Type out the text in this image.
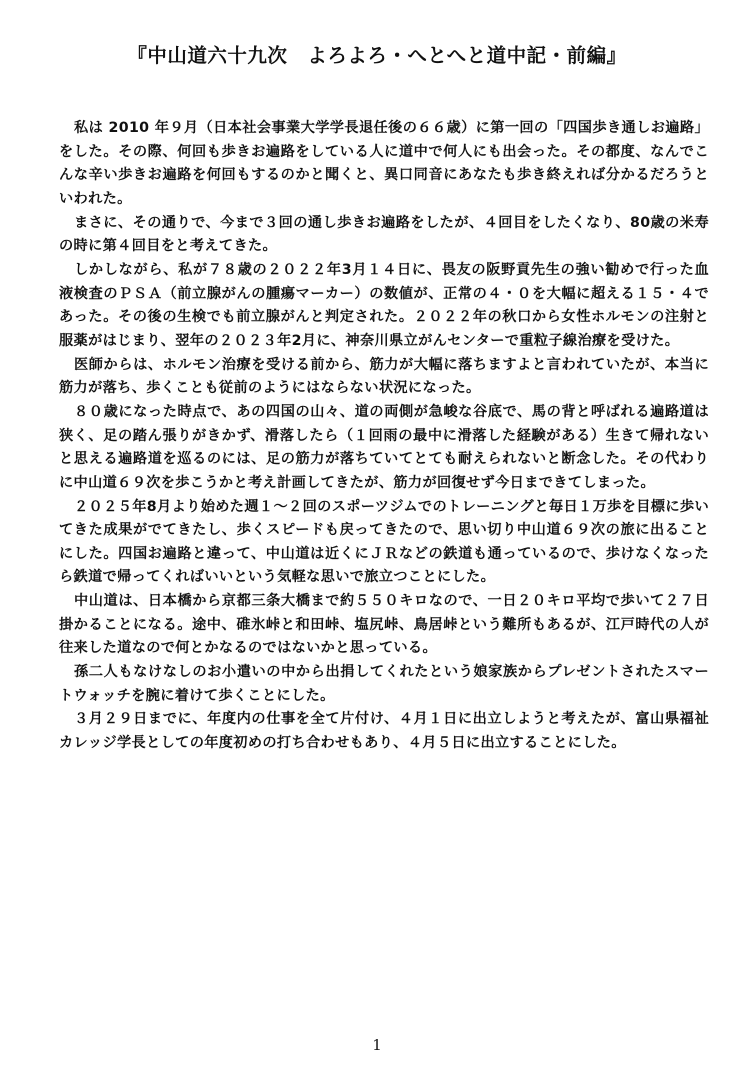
『中山道六十九次　よろよろ・へとへと道中記・前編』

私は 2010 年９月（日本社会事業大学学長退任後の６６歳）に第一回の「四国歩き通しお遍路」をした。その際、何回も歩きお遍路をしている人に道中で何人にも出会った。その都度、なんでこんな辛い歩きお遍路を何回もするのかと聞くと、異口同音にあなたも歩き終えれば分かるだろうといわれた。

まさに、その通りで、今まで３回の通し歩きお遍路をしたが、４回目をしたくなり、80歳の米寿の時に第４回目をと考えてきた。

しかしながら、私が７８歳の２０２２年3月１４日に、畏友の阪野貢先生の強い勧めで行った血液検査のＰＳＡ（前立腺がんの腫瘍マーカー）の数値が、正常の４・０を大幅に超える１５・４であった。その後の生検でも前立腺がんと判定された。２０２２年の秋口から女性ホルモンの注射と服薬がはじまり、翌年の２０２３年2月に、神奈川県立がんセンターで重粒子線治療を受けた。

医師からは、ホルモン治療を受ける前から、筋力が大幅に落ちますよと言われていたが、本当に筋力が落ち、歩くことも従前のようにはならない状況になった。

８０歳になった時点で、あの四国の山々、道の両側が急峻な谷底で、馬の背と呼ばれる遍路道は狭く、足の踏ん張りがきかず、滑落したら（１回雨の最中に滑落した経験がある）生きて帰れないと思える遍路道を巡るのには、足の筋力が落ちていてとても耐えられないと断念した。その代わりに中山道６９次を歩こうかと考え計画してきたが、筋力が回復せず今日まできてしまった。

２０２５年8月より始めた週１～２回のスポーツジムでのトレーニングと毎日１万歩を目標に歩いてきた成果がでてきたし、歩くスピードも戻ってきたので、思い切り中山道６９次の旅に出ることにした。四国お遍路と違って、中山道は近くにＪＲなどの鉄道も通っているので、歩けなくなったら鉄道で帰ってくればいいという気軽な思いで旅立つことにした。

中山道は、日本橋から京都三条大橋まで約５５０キロなので、一日２０キロ平均で歩いて２７日掛かることになる。途中、碓氷峠と和田峠、塩尻峠、鳥居峠という難所もあるが、江戸時代の人が往来した道なので何とかなるのではないかと思っている。

孫二人もなけなしのお小遣いの中から出捐してくれたという娘家族からプレゼントされたスマートウォッチを腕に着けて歩くことにした。

３月２９日までに、年度内の仕事を全て片付け、４月１日に出立しようと考えたが、富山県福祉カレッジ学長としての年度初めの打ち合わせもあり、４月５日に出立することにした。

1
